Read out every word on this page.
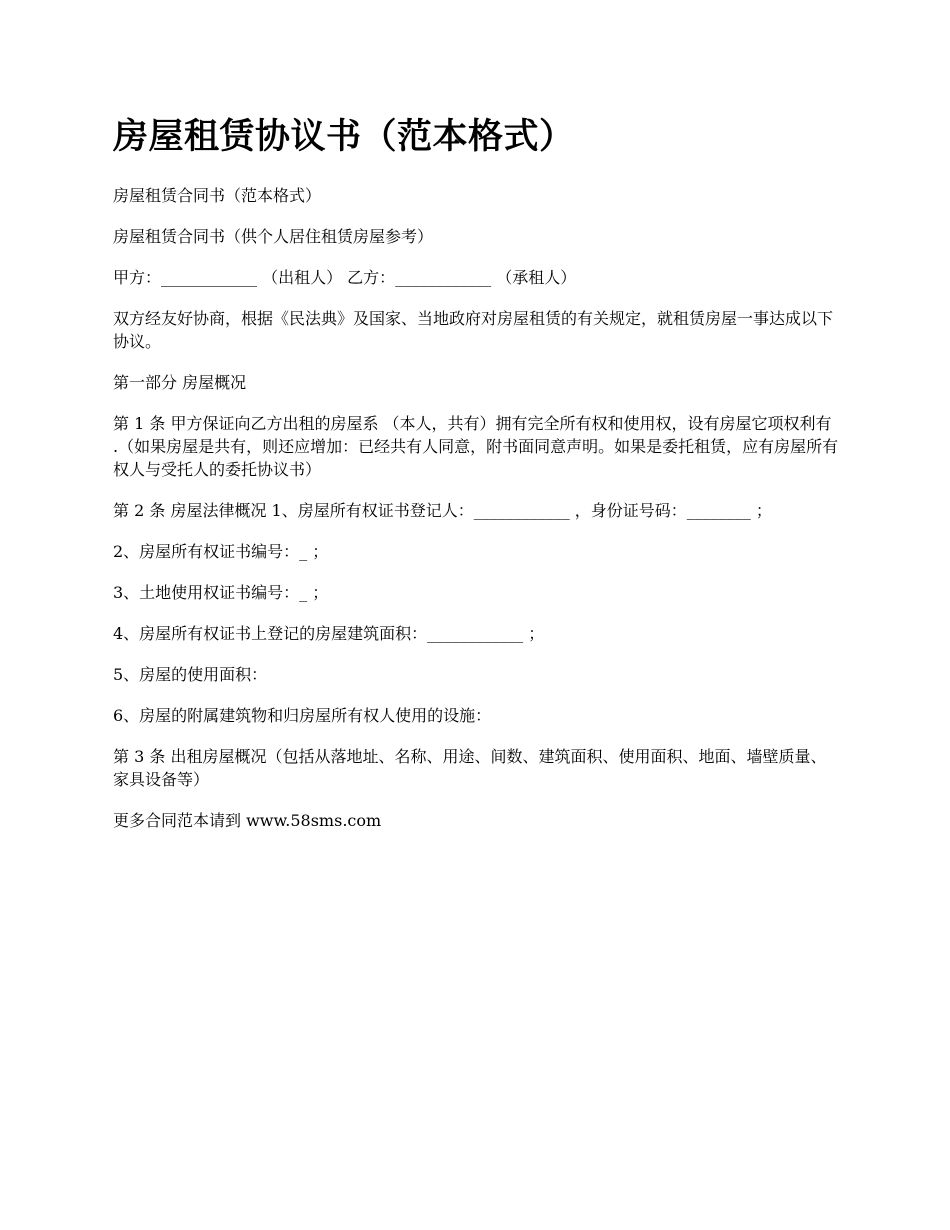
房屋租赁协议书（范本格式）

房屋租赁合同书（范本格式）

房屋租赁合同书（供个人居住租赁房屋参考）

甲方：____________ （出租人） 乙方：____________ （承租人）

双方经友好协商，根据《民法典》及国家、当地政府对房屋租赁的有关规定，就租赁房屋一事达成以下协议。

第一部分 房屋概况

第 1 条 甲方保证向乙方出租的房屋系 （本人，共有）拥有完全所有权和使用权，设有房屋它项权利有 .（如果房屋是共有，则还应增加：已经共有人同意，附书面同意声明。如果是委托租赁，应有房屋所有权人与受托人的委托协议书）

第 2 条 房屋法律概况 1、房屋所有权证书登记人：____________ ，身份证号码：________ ；

2、房屋所有权证书编号：_ ；

3、土地使用权证书编号：_ ；

4、房屋所有权证书上登记的房屋建筑面积：____________ ；

5、房屋的使用面积：

6、房屋的附属建筑物和归房屋所有权人使用的设施：

第 3 条 出租房屋概况（包括从落地址、名称、用途、间数、建筑面积、使用面积、地面、墙壁质量、家具设备等）

更多合同范本请到 www.58sms.com
